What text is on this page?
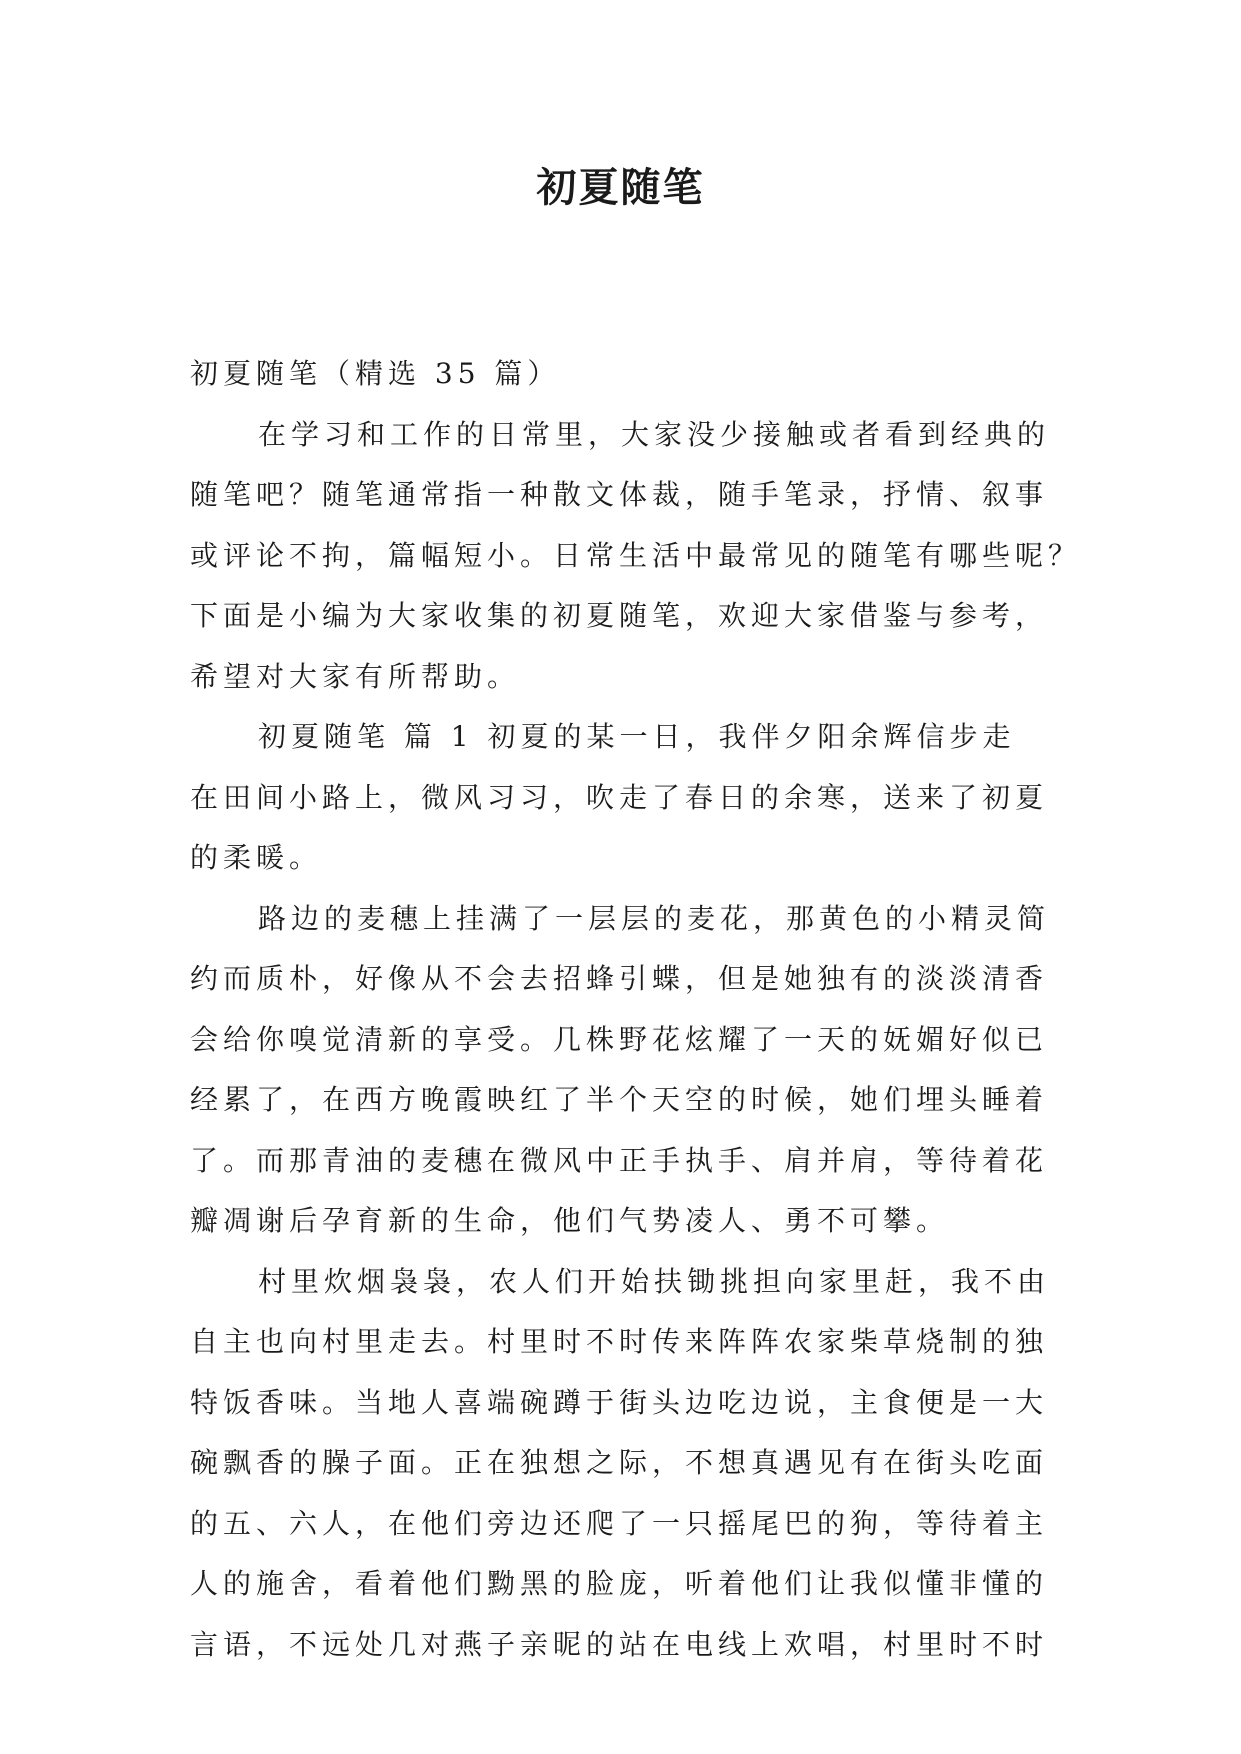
初夏随笔
初夏随笔（精选 35 篇）
在学习和工作的日常里，大家没少接触或者看到经典的
随笔吧？随笔通常指一种散文体裁，随手笔录，抒情、叙事
或评论不拘，篇幅短小。日常生活中最常见的随笔有哪些呢？
下面是小编为大家收集的初夏随笔，欢迎大家借鉴与参考，
希望对大家有所帮助。
初夏随笔 篇 1 初夏的某一日，我伴夕阳余辉信步走
在田间小路上，微风习习，吹走了春日的余寒，送来了初夏
的柔暖。
路边的麦穗上挂满了一层层的麦花，那黄色的小精灵简
约而质朴，好像从不会去招蜂引蝶，但是她独有的淡淡清香
会给你嗅觉清新的享受。几株野花炫耀了一天的妩媚好似已
经累了，在西方晚霞映红了半个天空的时候，她们埋头睡着
了。而那青油的麦穗在微风中正手执手、肩并肩，等待着花
瓣凋谢后孕育新的生命，他们气势凌人、勇不可攀。
村里炊烟袅袅，农人们开始扶锄挑担向家里赶，我不由
自主也向村里走去。村里时不时传来阵阵农家柴草烧制的独
特饭香味。当地人喜端碗蹲于街头边吃边说，主食便是一大
碗飘香的臊子面。正在独想之际，不想真遇见有在街头吃面
的五、六人，在他们旁边还爬了一只摇尾巴的狗，等待着主
人的施舍，看着他们黝黑的脸庞，听着他们让我似懂非懂的
言语，不远处几对燕子亲昵的站在电线上欢唱，村里时不时
